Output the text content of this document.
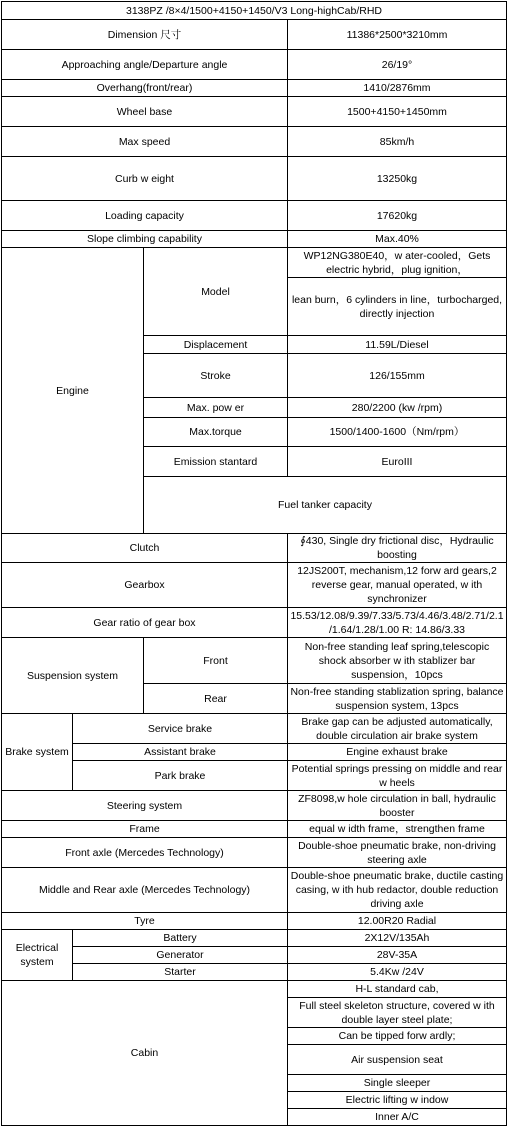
3138PZ /8×4/1500+4150+1450/V3 Long-highCab/RHD				
Dimension 尺寸			11386*2500*3210mm	
Approaching angle/Departure angle			26/19°	
Overhang(front/rear)			1410/2876mm	
Wheel base			1500+4150+1450mm	
Max speed			85km/h	
Curb w eight			13250kg	
Loading capacity			17620kg	
Slope climbing capability			Max.40%	
Engine		Model	WP12NG380E40，w ater-cooled，Gets electric hybrid，plug ignition，	
			lean burn，6 cylinders in line，turbocharged, directly injection	
		Displacement	11.59L/Diesel	
		Stroke	126/155mm	
		Max. pow er	280/2200 (kw /rpm)	
		Max.torque	1500/1400-1600（Nm/rpm）	
		Emission stantard	EuroIII	
		Fuel tanker capacity	
Clutch			∮430, Single dry frictional disc，Hydraulic boosting	
Gearbox			12JS200T, mechanism,12 forw ard gears,2 reverse gear, manual operated, w ith synchronizer	
Gear ratio of gear box			15.53/12.08/9.39/7.33/5.73/4.46/3.48/2.71/2.1/1.64/1.28/1.00 R: 14.86/3.33	
Suspension system		Front	Non-free standing leaf spring,telescopic shock absorber w ith stablizer bar suspension，10pcs	
		Rear	Non-free standing stablization spring, balance suspension system, 13pcs	
Brake system	Service brake		Brake gap can be adjusted automatically, double circulation air brake system	
	Assistant brake		Engine exhaust brake	
	Park brake		Potential springs pressing on middle and rear w heels	
Steering system			ZF8098,w hole circulation in ball, hydraulic booster	
Frame			equal w idth frame，strengthen frame	
Front axle (Mercedes Technology)			Double-shoe pneumatic brake, non-driving steering axle	
Middle and Rear axle (Mercedes Technology)			Double-shoe pneumatic brake, ductile casting casing, w ith hub redactor, double reduction driving axle	
Tyre			12.00R20 Radial	
Electrical system	Battery		2X12V/135Ah	
	Generator		28V-35A	
	Starter		5.4Kw /24V	
Cabin			H-L standard cab,	
			Full steel skeleton structure, covered w ith double layer steel plate;	
			Can be tipped forw ardly;	
			Air suspension seat	
			Single sleeper	
			Electric lifting w indow	
			Inner A/C	
